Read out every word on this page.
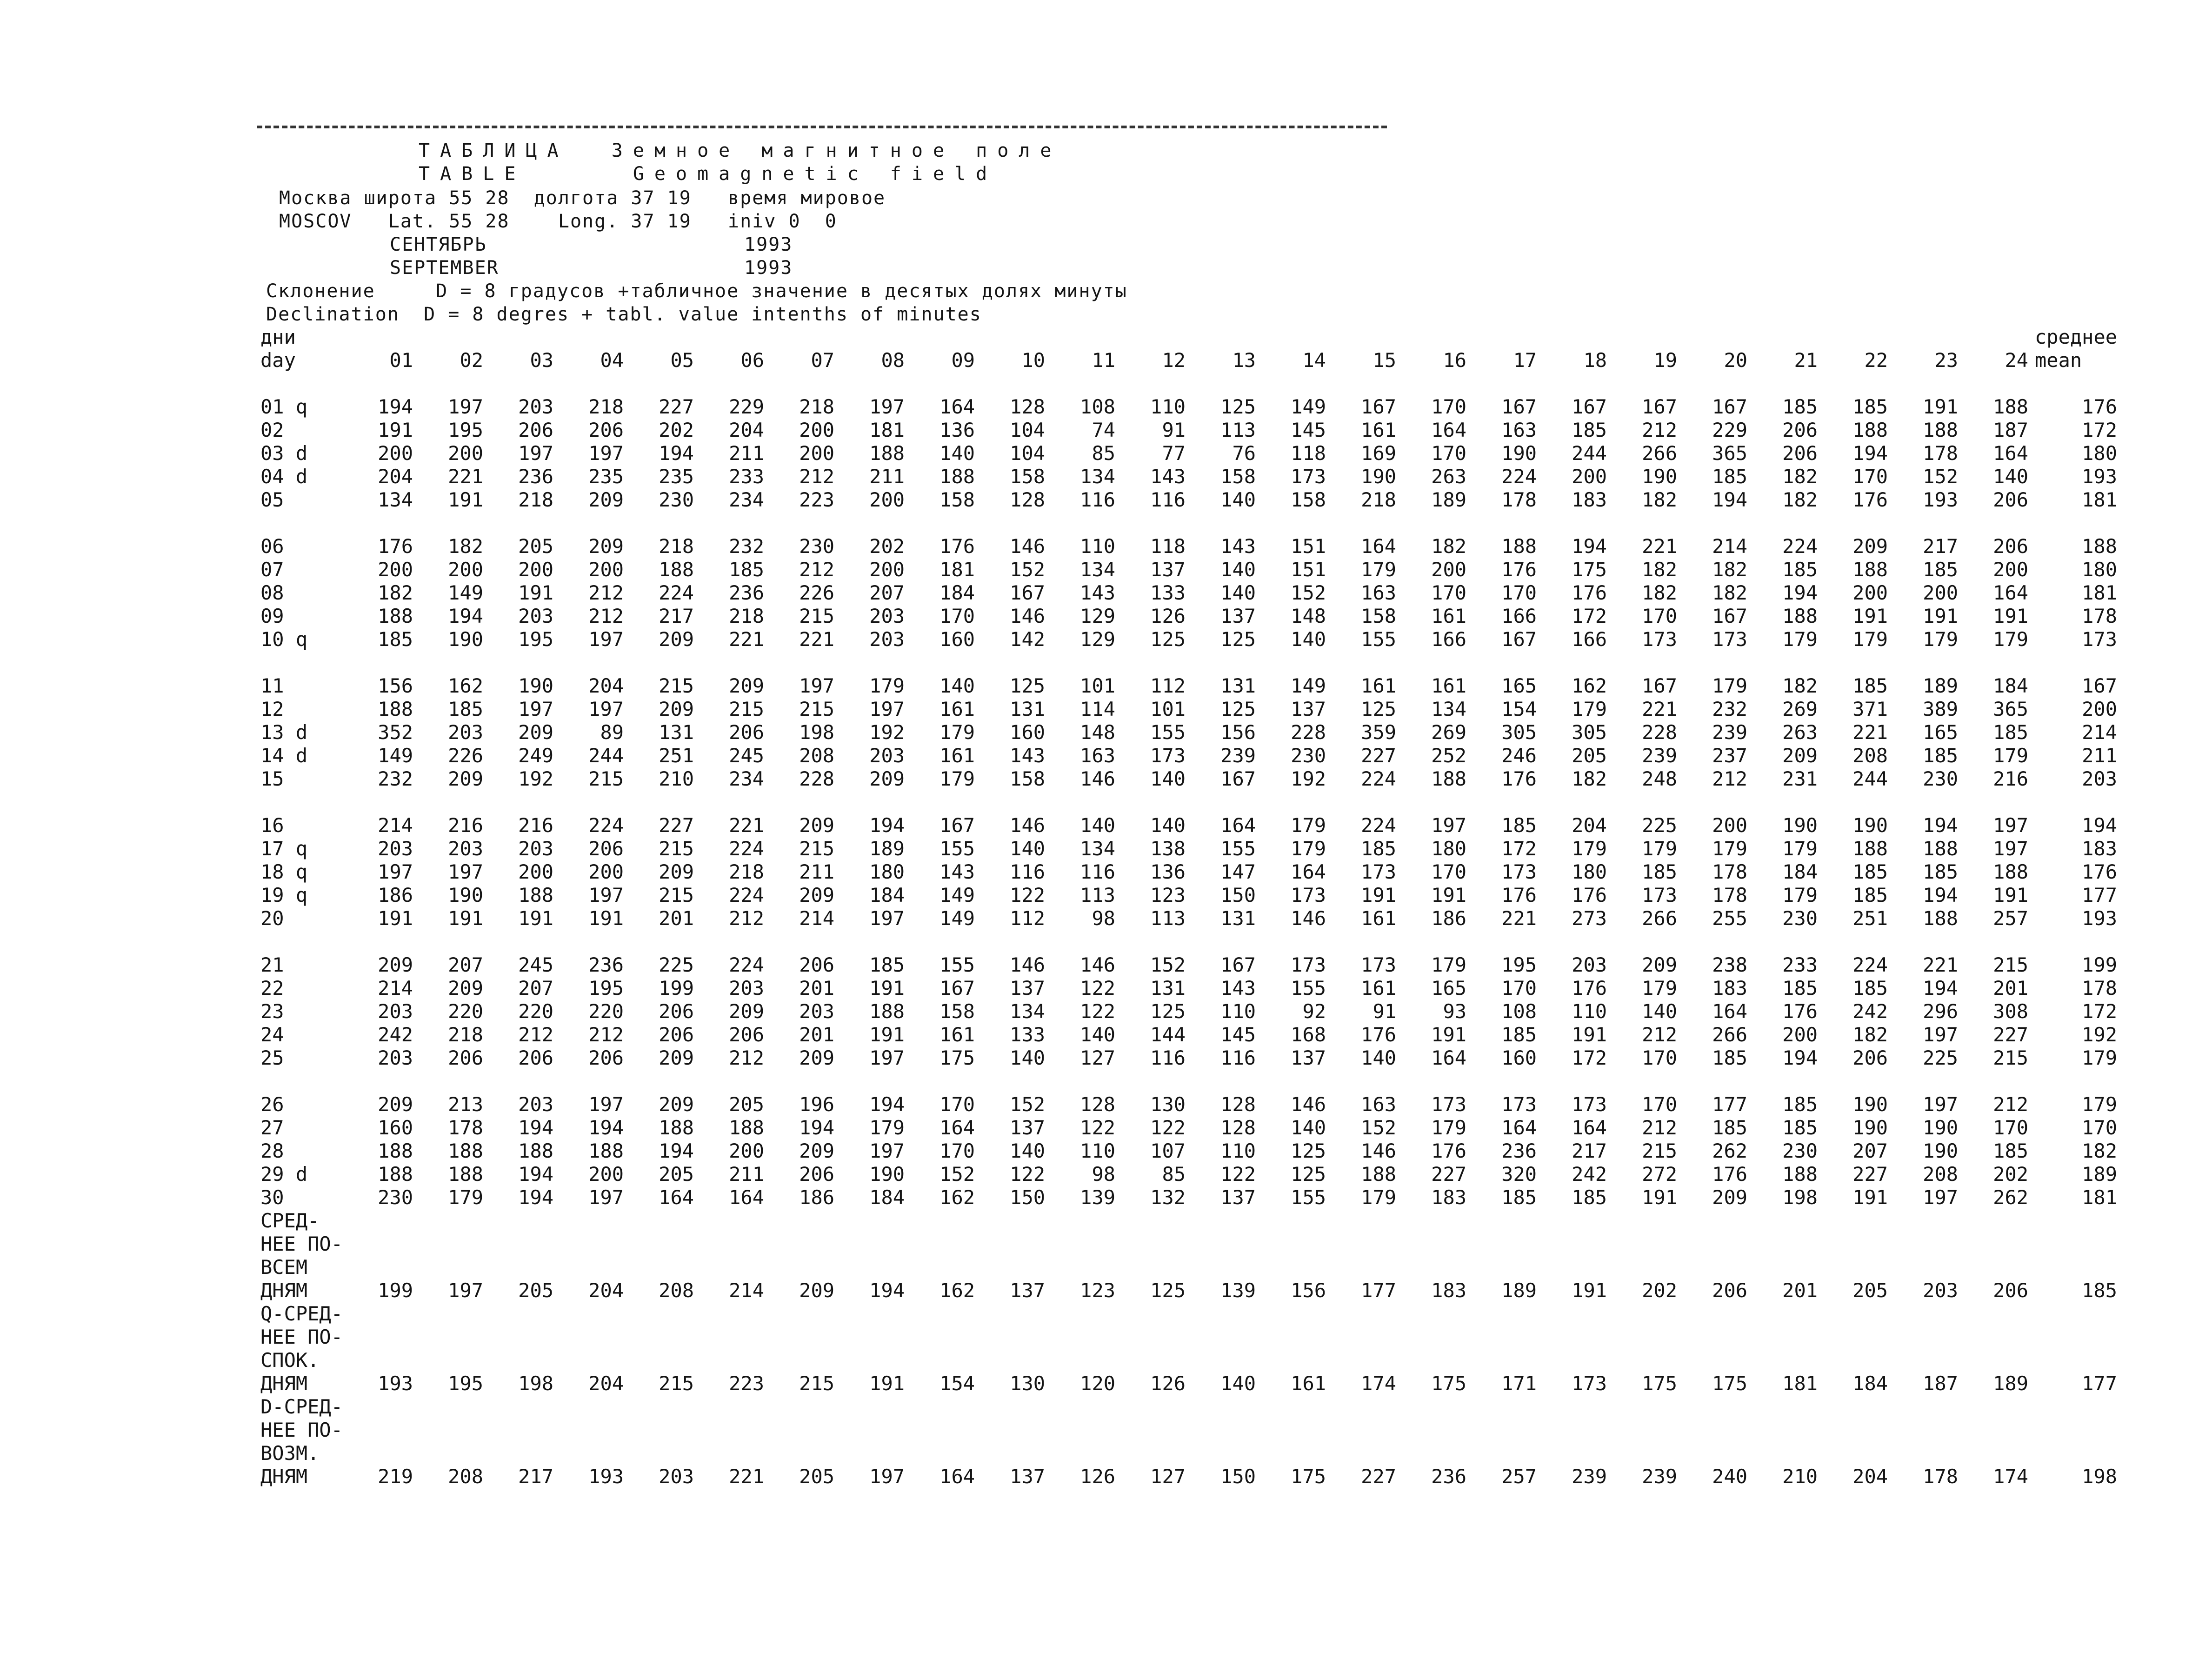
ТАБЛИЦА  Земное магнитное поле
TABLE     Geomagnetic field
Москва широта 55 28  долгота 37 19   время мировое
MOSCOV   Lat. 55 28    Long. 37 19   iniv 0  0
СЕНТЯБРЬ	1993
SEPTEMBER	1993
Склонение     D = 8 градусов +табличное значение в десятых долях минуты
Declination  D = 8 degres + tabl. value intenths of minutes
дни																									среднее
day	01	02	03	04	05	06	07	08	09	10	11	12	13	14	15	16	17	18	19	20	21	22	23	24	mean

01 q	194	197	203	218	227	229	218	197	164	128	108	110	125	149	167	170	167	167	167	167	185	185	191	188	176
02	191	195	206	206	202	204	200	181	136	104	74	91	113	145	161	164	163	185	212	229	206	188	188	187	172
03 d	200	200	197	197	194	211	200	188	140	104	85	77	76	118	169	170	190	244	266	365	206	194	178	164	180
04 d	204	221	236	235	235	233	212	211	188	158	134	143	158	173	190	263	224	200	190	185	182	170	152	140	193
05	134	191	218	209	230	234	223	200	158	128	116	116	140	158	218	189	178	183	182	194	182	176	193	206	181

06	176	182	205	209	218	232	230	202	176	146	110	118	143	151	164	182	188	194	221	214	224	209	217	206	188
07	200	200	200	200	188	185	212	200	181	152	134	137	140	151	179	200	176	175	182	182	185	188	185	200	180
08	182	149	191	212	224	236	226	207	184	167	143	133	140	152	163	170	170	176	182	182	194	200	200	164	181
09	188	194	203	212	217	218	215	203	170	146	129	126	137	148	158	161	166	172	170	167	188	191	191	191	178
10 q	185	190	195	197	209	221	221	203	160	142	129	125	125	140	155	166	167	166	173	173	179	179	179	179	173

11	156	162	190	204	215	209	197	179	140	125	101	112	131	149	161	161	165	162	167	179	182	185	189	184	167
12	188	185	197	197	209	215	215	197	161	131	114	101	125	137	125	134	154	179	221	232	269	371	389	365	200
13 d	352	203	209	89	131	206	198	192	179	160	148	155	156	228	359	269	305	305	228	239	263	221	165	185	214
14 d	149	226	249	244	251	245	208	203	161	143	163	173	239	230	227	252	246	205	239	237	209	208	185	179	211
15	232	209	192	215	210	234	228	209	179	158	146	140	167	192	224	188	176	182	248	212	231	244	230	216	203

16	214	216	216	224	227	221	209	194	167	146	140	140	164	179	224	197	185	204	225	200	190	190	194	197	194
17 q	203	203	203	206	215	224	215	189	155	140	134	138	155	179	185	180	172	179	179	179	179	188	188	197	183
18 q	197	197	200	200	209	218	211	180	143	116	116	136	147	164	173	170	173	180	185	178	184	185	185	188	176
19 q	186	190	188	197	215	224	209	184	149	122	113	123	150	173	191	191	176	176	173	178	179	185	194	191	177
20	191	191	191	191	201	212	214	197	149	112	98	113	131	146	161	186	221	273	266	255	230	251	188	257	193

21	209	207	245	236	225	224	206	185	155	146	146	152	167	173	173	179	195	203	209	238	233	224	221	215	199
22	214	209	207	195	199	203	201	191	167	137	122	131	143	155	161	165	170	176	179	183	185	185	194	201	178
23	203	220	220	220	206	209	203	188	158	134	122	125	110	92	91	93	108	110	140	164	176	242	296	308	172
24	242	218	212	212	206	206	201	191	161	133	140	144	145	168	176	191	185	191	212	266	200	182	197	227	192
25	203	206	206	206	209	212	209	197	175	140	127	116	116	137	140	164	160	172	170	185	194	206	225	215	179

26	209	213	203	197	209	205	196	194	170	152	128	130	128	146	163	173	173	173	170	177	185	190	197	212	179
27	160	178	194	194	188	188	194	179	164	137	122	122	128	140	152	179	164	164	212	185	185	190	190	170	170
28	188	188	188	188	194	200	209	197	170	140	110	107	110	125	146	176	236	217	215	262	230	207	190	185	182
29 d	188	188	194	200	205	211	206	190	152	122	98	85	122	125	188	227	320	242	272	176	188	227	208	202	189
30	230	179	194	197	164	164	186	184	162	150	139	132	137	155	179	183	185	185	191	209	198	191	197	262	181
СРЕД-																									
НЕЕ ПО-																									
ВСЕМ																									
ДНЯМ	199	197	205	204	208	214	209	194	162	137	123	125	139	156	177	183	189	191	202	206	201	205	203	206	185
Q-СРЕД-																									
НЕЕ ПО-																									
СПОК.																									
ДНЯМ	193	195	198	204	215	223	215	191	154	130	120	126	140	161	174	175	171	173	175	175	181	184	187	189	177
D-СРЕД-																									
НЕЕ ПО-																									
ВОЗМ.																									
ДНЯМ	219	208	217	193	203	221	205	197	164	137	126	127	150	175	227	236	257	239	239	240	210	204	178	174	198
